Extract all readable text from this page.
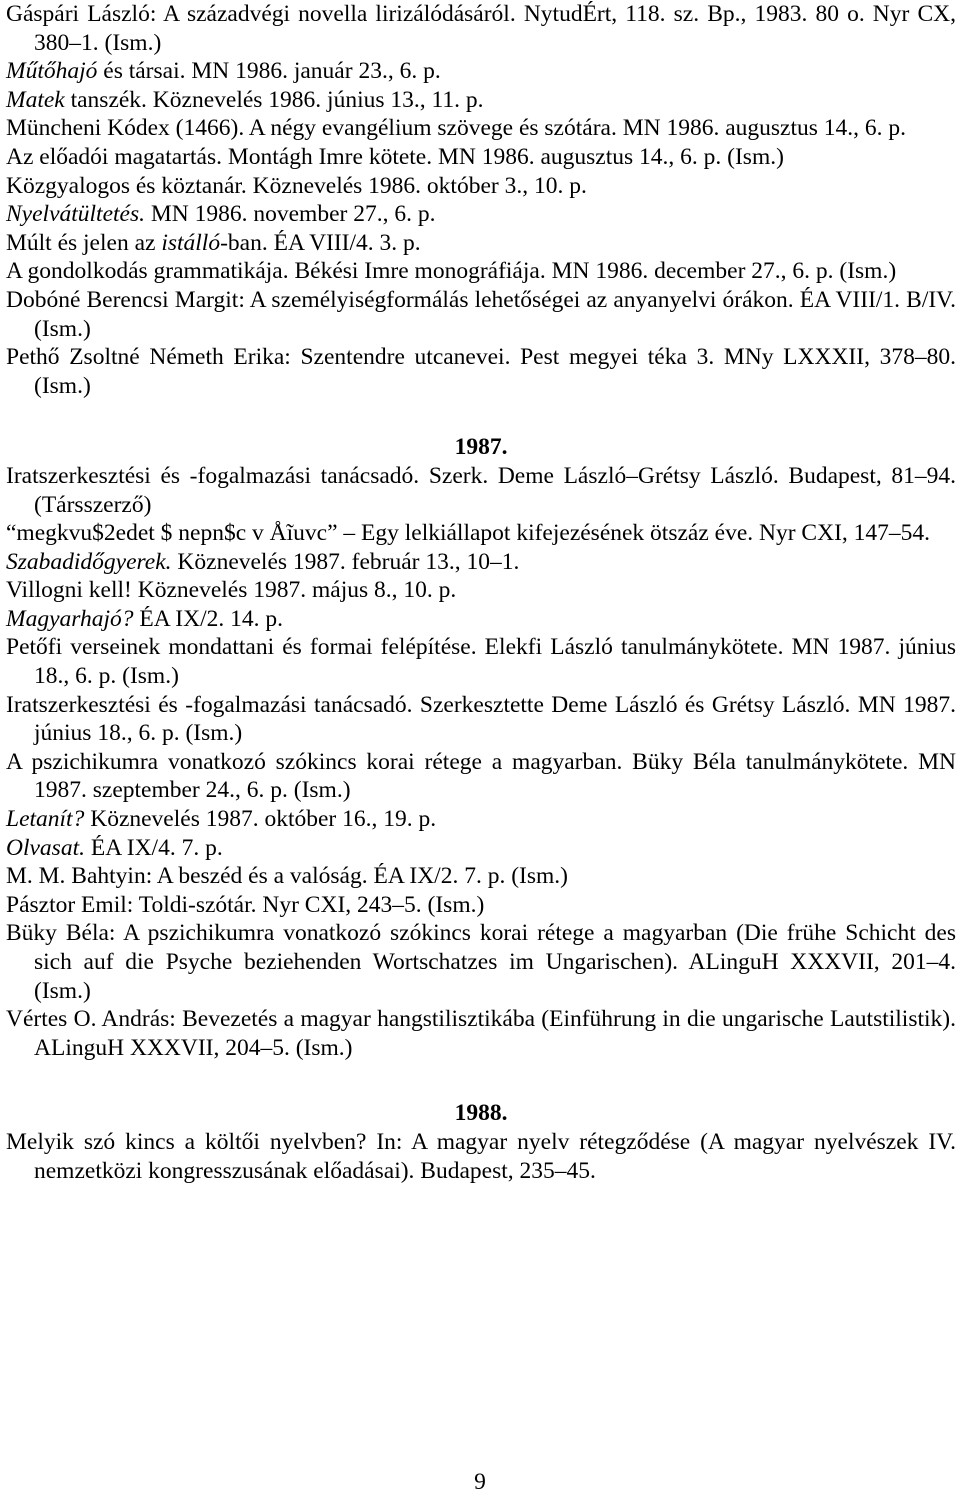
Gáspári László: A századvégi novella lirizálódásáról. NytudÉrt, 118. sz. Bp., 1983. 80 o. Nyr CX, 380–1. (Ism.)

Műtőhajó és társai. MN 1986. január 23., 6. p.

Matek tanszék. Köznevelés 1986. június 13., 11. p.

Müncheni Kódex (1466). A négy evangélium szövege és szótára. MN 1986. augusztus 14., 6. p.

Az előadói magatartás. Montágh Imre kötete. MN 1986. augusztus 14., 6. p. (Ism.)

Közgyalogos és köztanár. Köznevelés 1986. október 3., 10. p.

Nyelvátültetés. MN 1986. november 27., 6. p.

Múlt és jelen az istálló-ban. ÉA VIII/4. 3. p.

A gondolkodás grammatikája. Békési Imre monográfiája. MN 1986. december 27., 6. p. (Ism.)

Dobóné Berencsi Margit: A személyiségformálás lehetőségei az anyanyelvi órákon. ÉA VIII/1. B/IV. (Ism.)

Pethő Zsoltné Németh Erika: Szentendre utcanevei. Pest megyei téka 3. MNy LXXXII, 378–80. (Ism.)

1987.

Iratszerkesztési és -fogalmazási tanácsadó. Szerk. Deme László–Grétsy László. Budapest, 81–94. (Társszerző)

“megkvu$2edet $ nepn$c v Åĩuvc” – Egy lelkiállapot kifejezésének ötszáz éve. Nyr CXI, 147–54.

Szabadidőgyerek. Köznevelés 1987. február 13., 10–1.

Villogni kell! Köznevelés 1987. május 8., 10. p.

Magyarhajó? ÉA IX/2. 14. p.

Petőfi verseinek mondattani és formai felépítése. Elekfi László tanulmánykötete. MN 1987. június 18., 6. p. (Ism.)

Iratszerkesztési és -fogalmazási tanácsadó. Szerkesztette Deme László és Grétsy László. MN 1987. június 18., 6. p. (Ism.)

A pszichikumra vonatkozó szókincs korai rétege a magyarban. Büky Béla tanulmánykötete. MN 1987. szeptember 24., 6. p. (Ism.)

Letanít? Köznevelés 1987. október 16., 19. p.

Olvasat. ÉA IX/4. 7. p.

M. M. Bahtyin: A beszéd és a valóság. ÉA IX/2. 7. p. (Ism.)

Pásztor Emil: Toldi-szótár. Nyr CXI, 243–5. (Ism.)

Büky Béla: A pszichikumra vonatkozó szókincs korai rétege a magyarban (Die frühe Schicht des sich auf die Psyche beziehenden Wortschatzes im Ungarischen). ALinguH XXXVII, 201–4. (Ism.)

Vértes O. András: Bevezetés a magyar hangstilisztikába (Einführung in die ungarische Lautstilistik). ALinguH XXXVII, 204–5. (Ism.)

1988.

Melyik szó kincs a költői nyelvben? In: A magyar nyelv rétegződése (A magyar nyelvészek IV. nemzetközi kongresszusának előadásai). Budapest, 235–45.

9
